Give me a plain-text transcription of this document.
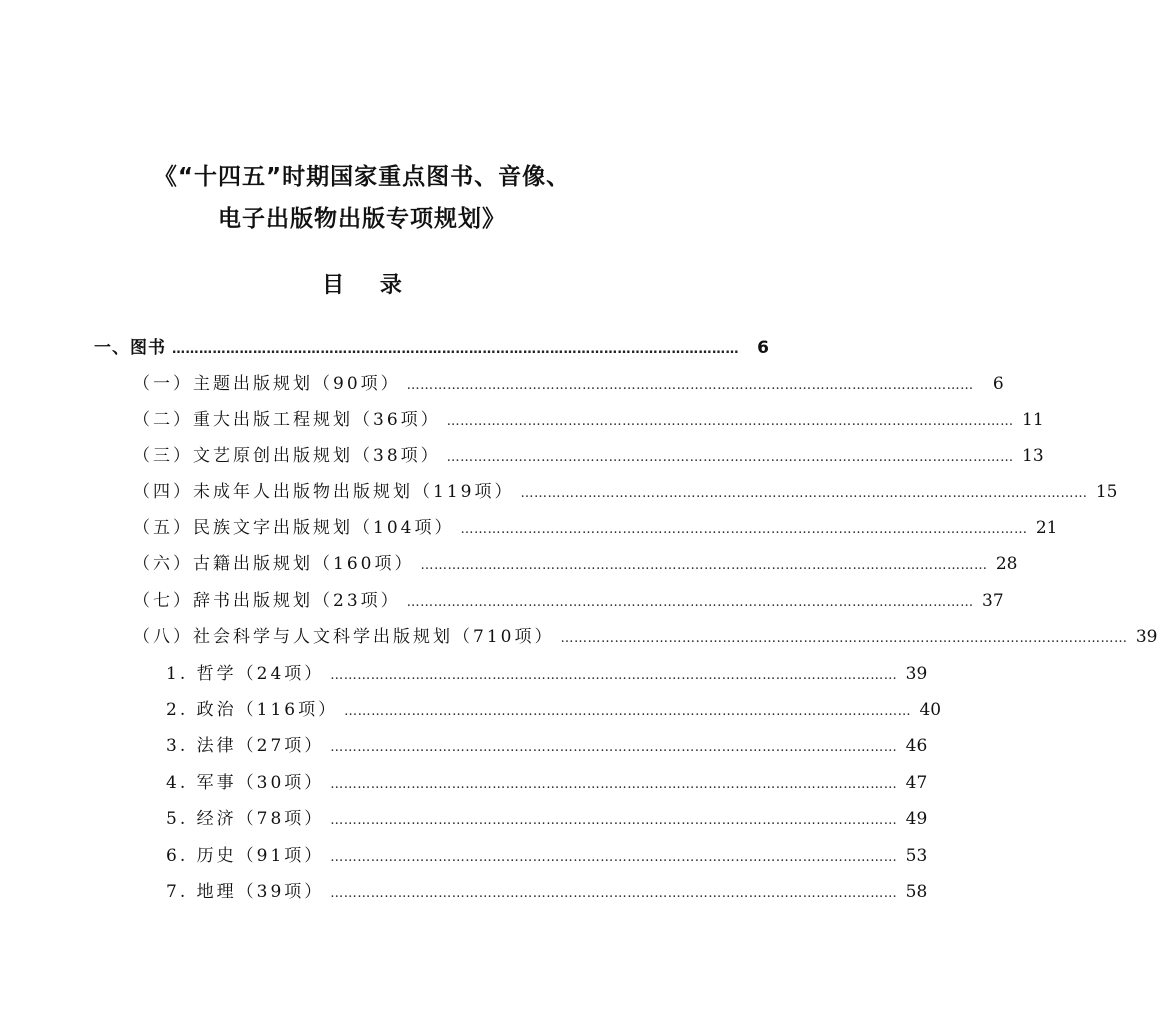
《“十四五”时期国家重点图书、音像、
电子出版物出版专项规划》
目 录
一、图书 ………………………………………………………………………………………………………………	6
（一）主题出版规划（90项） ………………………………………………………………………………………………………………	6
（二）重大出版工程规划（36项） ……………………………………………………………………………………………………………… 11
（三）文艺原创出版规划（38项） ……………………………………………………………………………………………………………… 13
（四）未成年人出版物出版规划（119项） ……………………………………………………………………………………………………………… 15
（五）民族文字出版规划（104项） ……………………………………………………………………………………………………………… 21
（六）古籍出版规划（160项） ……………………………………………………………………………………………………………… 28
（七）辞书出版规划（23项） ……………………………………………………………………………………………………………… 37
（八）社会科学与人文科学出版规划（710项） ……………………………………………………………………………………………………………… 39
1. 哲学（24项） ……………………………………………………………………………………………………………… 39
2. 政治（116项） ……………………………………………………………………………………………………………… 40
3. 法律（27项） ……………………………………………………………………………………………………………… 46
4. 军事（30项） ……………………………………………………………………………………………………………… 47
5. 经济（78项） ……………………………………………………………………………………………………………… 49
6. 历史（91项） ……………………………………………………………………………………………………………… 53
7. 地理（39项） ……………………………………………………………………………………………………………… 58
